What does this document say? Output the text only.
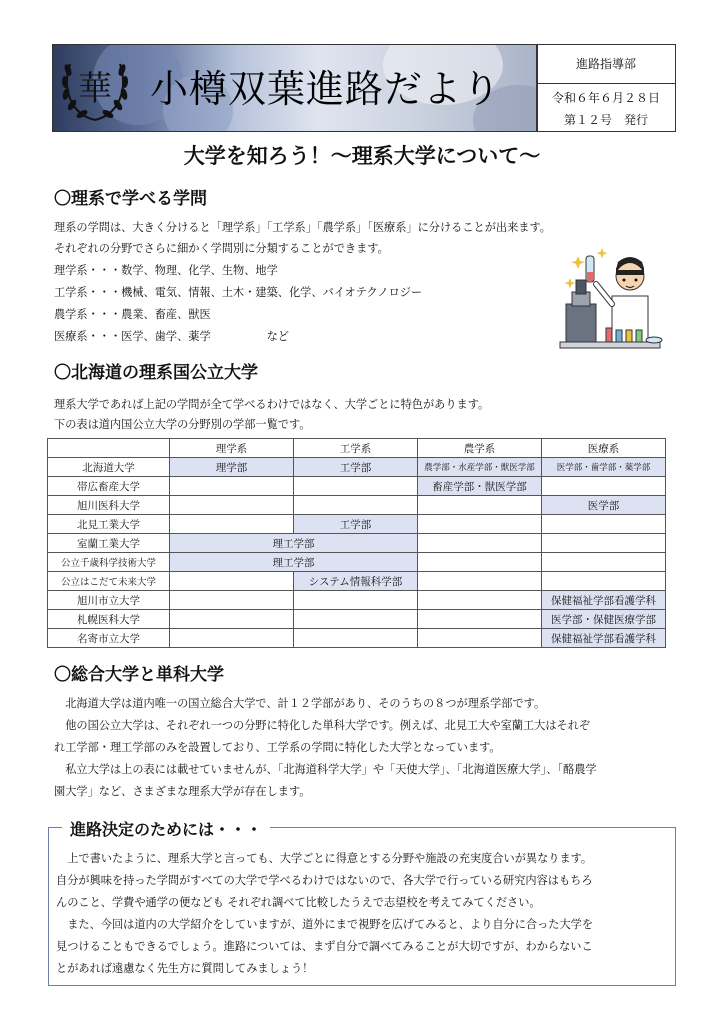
華 小樽双葉進路だより
進路指導部
令和６年６月２８日
第１２号　発行
大学を知ろう！～理系大学について～
〇理系で学べる学問
理系の学問は、大きく分けると「理学系」「工学系」「農学系」「医療系」に分けることが出来ます。
それぞれの分野でさらに細かく学問別に分類することができます。
理学系・・・数学、物理、化学、生物、地学
工学系・・・機械、電気、情報、土木・建築、化学、バイオテクノロジー
農学系・・・農業、畜産、獣医
医療系・・・医学、歯学、薬学　　　　　など
〇北海道の理系国公立大学
理系大学であれば上記の学問が全て学べるわけではなく、大学ごとに特色があります。
下の表は道内国公立大学の分野別の学部一覧です。
	理学系	工学系	農学系	医療系
北海道大学	理学部	工学部	農学部・水産学部・獣医学部	医学部・歯学部・薬学部
帯広畜産大学			畜産学部・獣医学部	
旭川医科大学				医学部
北見工業大学		工学部		
室蘭工業大学	理工学部			
公立千歳科学技術大学	理工学部			
公立はこだて未来大学		システム情報科学部		
旭川市立大学				保健福祉学部看護学科
札幌医科大学				医学部・保健医療学部
名寄市立大学				保健福祉学部看護学科
〇総合大学と単科大学
　北海道大学は道内唯一の国立総合大学で、計１２学部があり、そのうちの８つが理系学部です。
　他の国公立大学は、それぞれ一つの分野に特化した単科大学です。例えば、北見工大や室蘭工大はそれぞ
れ工学部・理工学部のみを設置しており、工学系の学問に特化した大学となっています。
　私立大学は上の表には載せていませんが、「北海道科学大学」や「天使大学」、「北海道医療大学」、「酪農学
園大学」など、さまざまな理系大学が存在します。
進路決定のためには・・・
　上で書いたように、理系大学と言っても、大学ごとに得意とする分野や施設の充実度合いが異なります。
自分が興味を持った学問がすべての大学で学べるわけではないので、各大学で行っている研究内容はもちろ
んのこと、学費や通学の便なども それぞれ調べて比較したうえで志望校を考えてみてください。
　また、今回は道内の大学紹介をしていますが、道外にまで視野を広げてみると、より自分に合った大学を
見つけることもできるでしょう。進路については、まず自分で調べてみることが大切ですが、わからないこ
とがあれば遠慮なく先生方に質問してみましょう！
